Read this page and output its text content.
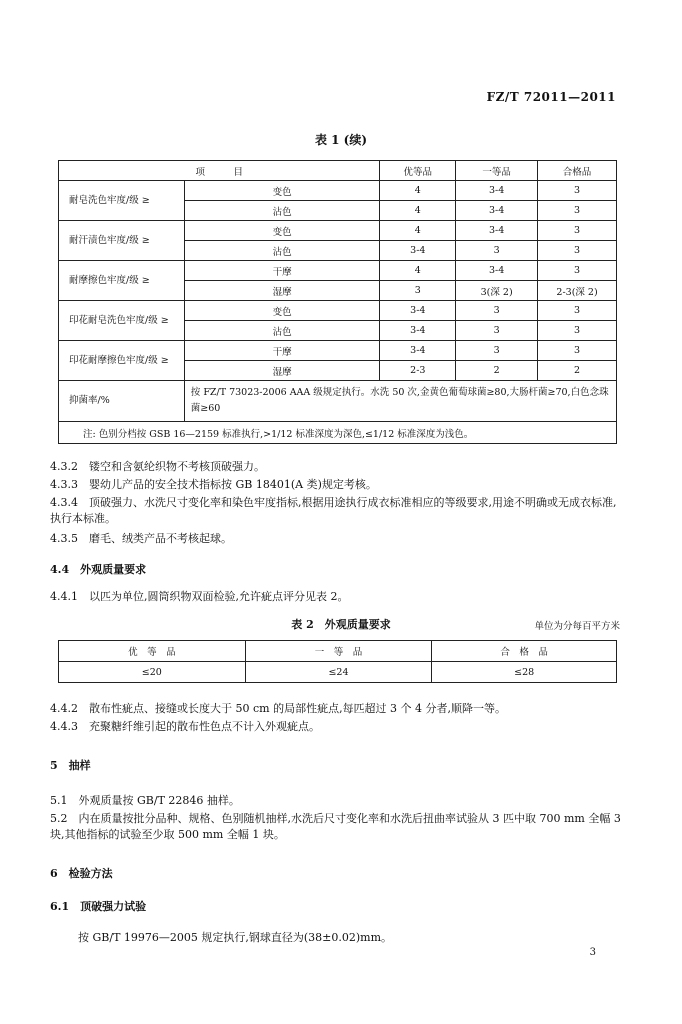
FZ/T 72011—2011
表 1 (续)
项　　　目		优等品	一等品	合格品
耐皂洗色牢度/级 ≥	变色	4	3-4	3
	沾色	4	3-4	3
耐汗渍色牢度/级 ≥	变色	4	3-4	3
	沾色	3-4	3	3
耐摩擦色牢度/级 ≥	干摩	4	3-4	3
	湿摩	3	3(深 2)	2-3(深 2)
印花耐皂洗色牢度/级 ≥	变色	3-4	3	3
	沾色	3-4	3	3
印花耐摩擦色牢度/级 ≥	干摩	3-4	3	3
	湿摩	2-3	2	2
抑菌率/%	按 FZ/T 73023-2006 AAA 级规定执行。水洗 50 次,金黄色葡萄球菌≥80,大肠杆菌≥70,白色念珠菌≥60			
注: 色别分档按 GSB 16—2159 标准执行,>1/12 标准深度为深色,≤1/12 标准深度为浅色。				
4.3.2　镂空和含氨纶织物不考核顶破强力。
4.3.3　婴幼儿产品的安全技术指标按 GB 18401(A 类)规定考核。
4.3.4　顶破强力、水洗尺寸变化率和染色牢度指标,根据用途执行成衣标准相应的等级要求,用途不明确或无成衣标准,执行本标准。
4.3.5　磨毛、绒类产品不考核起球。
4.4　外观质量要求
4.4.1　以匹为单位,圆筒织物双面检验,允许疵点评分见表 2。
表 2　外观质量要求	单位为分每百平方米
优　等　品	一　等　品	合　格　品
≤20	≤24	≤28
4.4.2　散布性疵点、接缝或长度大于 50 cm 的局部性疵点,每匹超过 3 个 4 分者,顺降一等。
4.4.3　充聚糖纤维引起的散布性色点不计入外观疵点。
5　抽样
5.1　外观质量按 GB/T 22846 抽样。
5.2　内在质量按批分品种、规格、色别随机抽样,水洗后尺寸变化率和水洗后扭曲率试验从 3 匹中取 700 mm 全幅 3 块,其他指标的试验至少取 500 mm 全幅 1 块。
6　检验方法
6.1　顶破强力试验
按 GB/T 19976—2005 规定执行,钢球直径为(38±0.02)mm。
3
